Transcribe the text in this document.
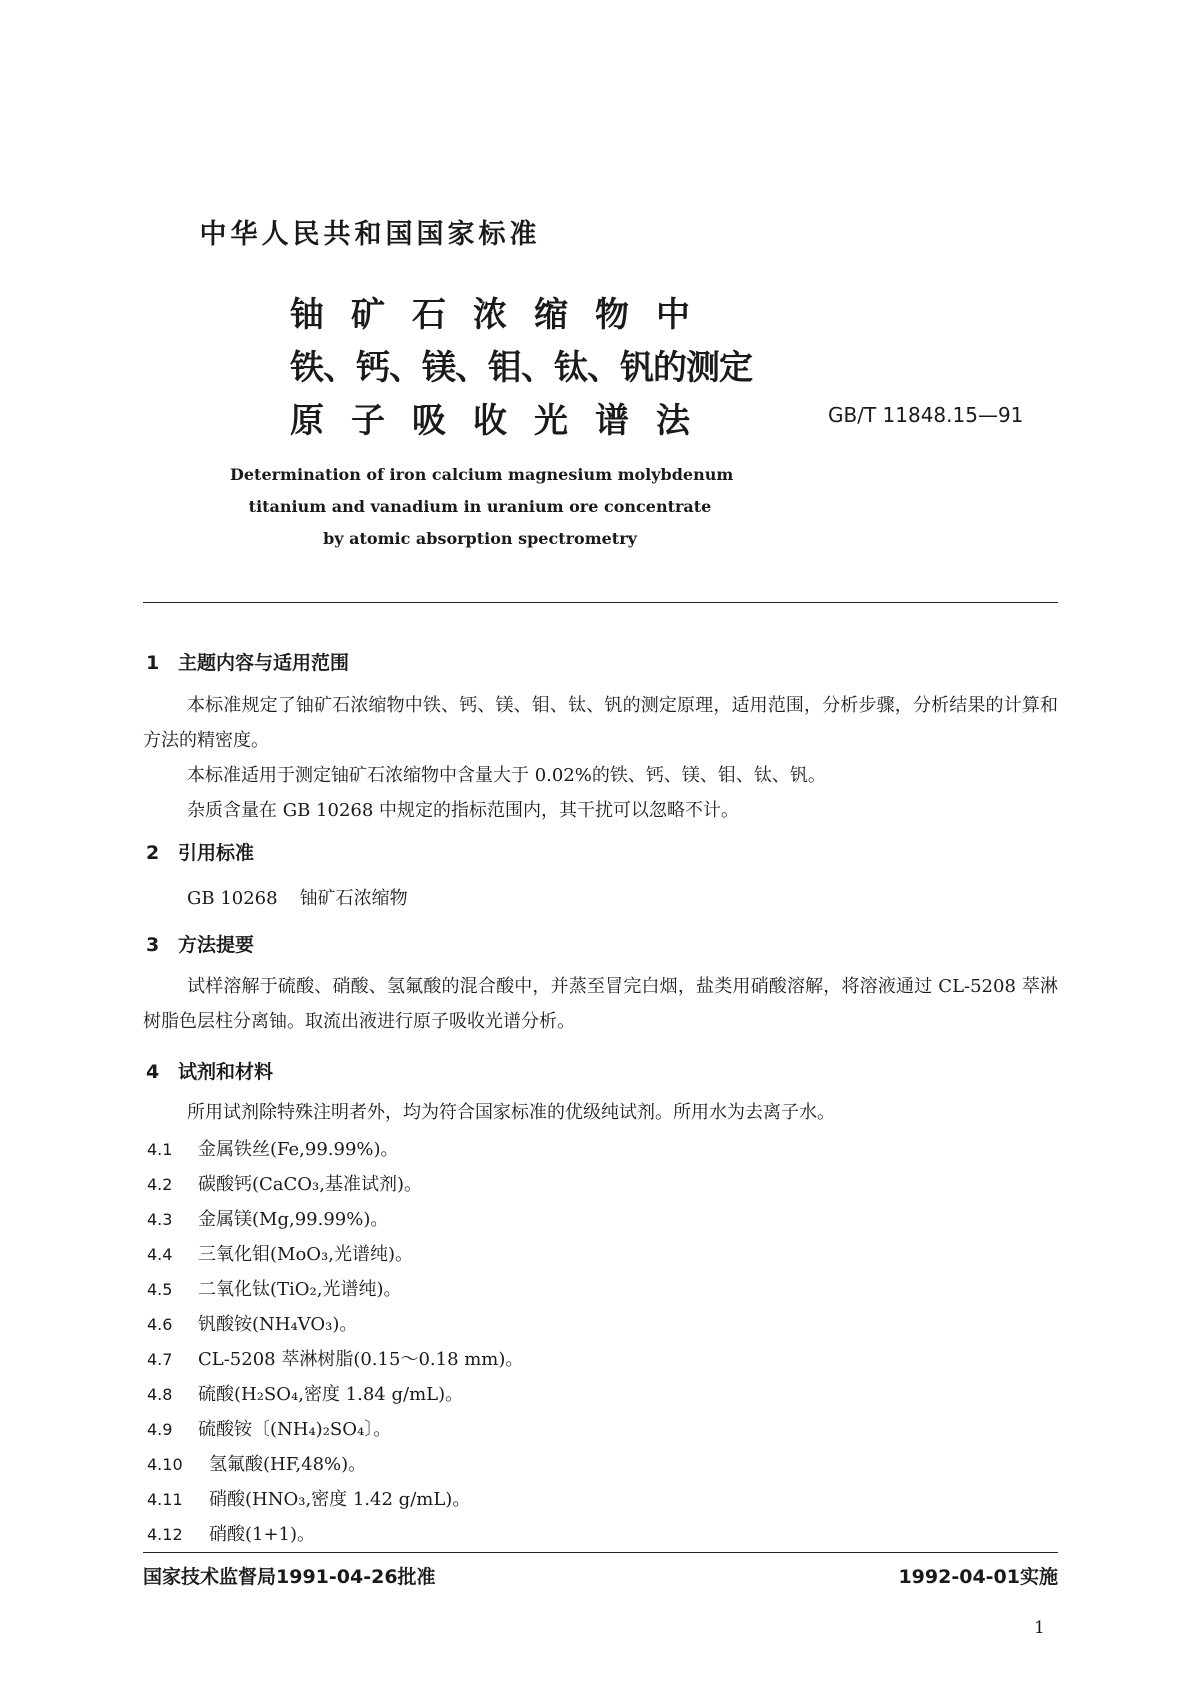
中华人民共和国国家标准
铀 矿 石 浓 缩 物 中
铁、钙、镁、钼、钛、钒的测定
原 子 吸 收 光 谱 法	GB/T 11848.15—91
Determination of iron calcium magnesium molybdenum
titanium and vanadium in uranium ore concentrate
by atomic absorption spectrometry
1 主题内容与适用范围
本标准规定了铀矿石浓缩物中铁、钙、镁、钼、钛、钒的测定原理，适用范围，分析步骤，分析结果的计算和方法的精密度。
本标准适用于测定铀矿石浓缩物中含量大于 0.02%的铁、钙、镁、钼、钛、钒。
杂质含量在 GB 10268 中规定的指标范围内，其干扰可以忽略不计。
2 引用标准
GB 10268 铀矿石浓缩物
3 方法提要
试样溶解于硫酸、硝酸、氢氟酸的混合酸中，并蒸至冒完白烟，盐类用硝酸溶解，将溶液通过 CL-5208 萃淋树脂色层柱分离铀。取流出液进行原子吸收光谱分析。
4 试剂和材料
所用试剂除特殊注明者外，均为符合国家标准的优级纯试剂。所用水为去离子水。
4.1 金属铁丝(Fe,99.99%)。
4.2 碳酸钙(CaCO₃,基准试剂)。
4.3 金属镁(Mg,99.99%)。
4.4 三氧化钼(MoO₃,光谱纯)。
4.5 二氧化钛(TiO₂,光谱纯)。
4.6 钒酸铵(NH₄VO₃)。
4.7 CL-5208 萃淋树脂(0.15～0.18 mm)。
4.8 硫酸(H₂SO₄,密度 1.84 g/mL)。
4.9 硫酸铵〔(NH₄)₂SO₄〕。
4.10 氢氟酸(HF,48%)。
4.11 硝酸(HNO₃,密度 1.42 g/mL)。
4.12 硝酸(1+1)。
国家技术监督局1991-04-26批准	1992-04-01实施
1
